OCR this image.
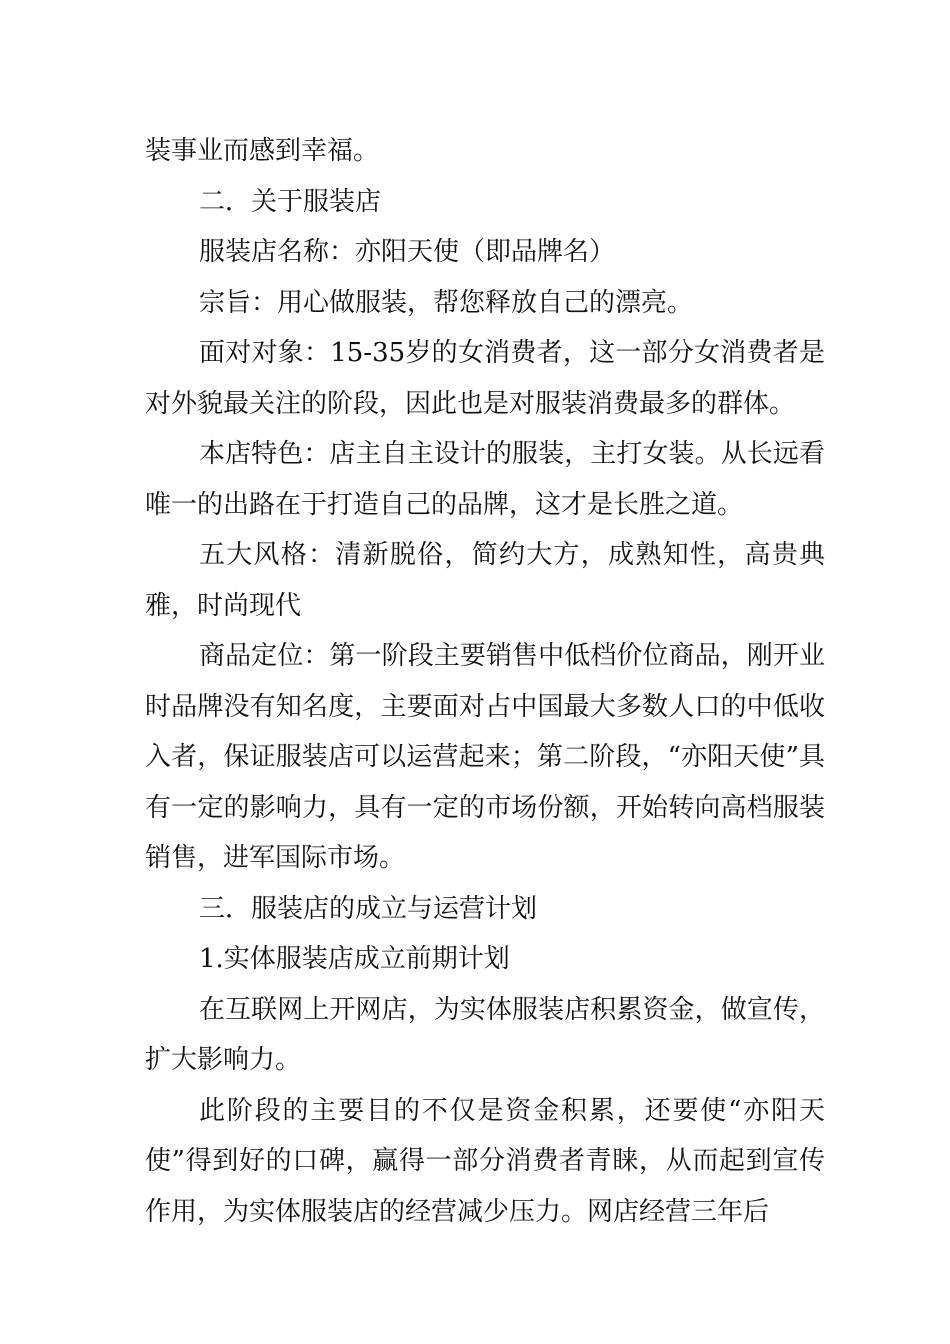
装事业而感到幸福。

二．关于服装店

服装店名称：亦阳天使（即品牌名）

宗旨：用心做服装，帮您释放自己的漂亮。

面对对象：15-35岁的女消费者，这一部分女消费者是对外貌最关注的阶段，因此也是对服装消费最多的群体。

本店特色：店主自主设计的服装，主打女装。从长远看唯一的出路在于打造自己的品牌，这才是长胜之道。

五大风格：清新脱俗，简约大方，成熟知性，高贵典雅，时尚现代

商品定位：第一阶段主要销售中低档价位商品，刚开业时品牌没有知名度，主要面对占中国最大多数人口的中低收入者，保证服装店可以运营起来；第二阶段，“亦阳天使”具有一定的影响力，具有一定的市场份额，开始转向高档服装销售，进军国际市场。

三．服装店的成立与运营计划

1.实体服装店成立前期计划

在互联网上开网店，为实体服装店积累资金，做宣传，扩大影响力。

此阶段的主要目的不仅是资金积累，还要使“亦阳天使”得到好的口碑，赢得一部分消费者青睐，从而起到宣传作用，为实体服装店的经营减少压力。网店经营三年后
